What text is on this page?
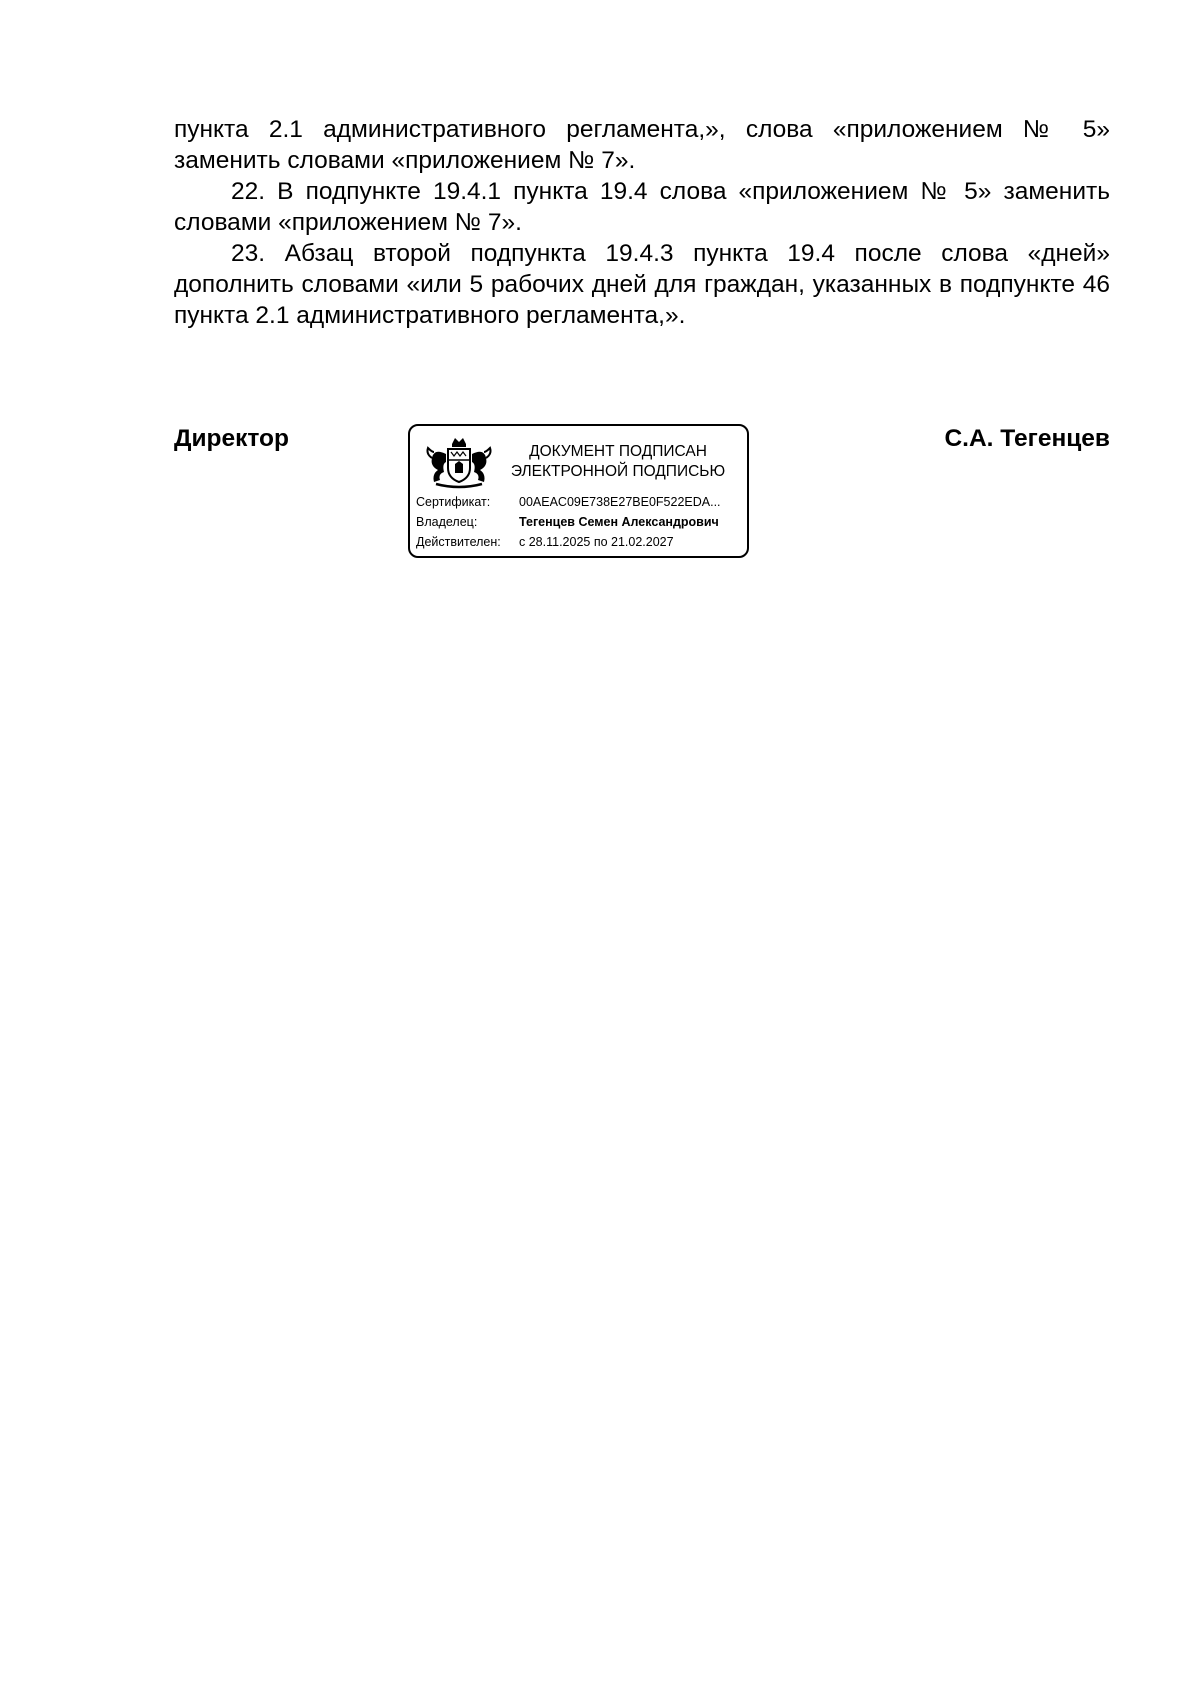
пункта 2.1 административного регламента,», слова «приложением № 5» заменить словами «приложением № 7».

22. В подпункте 19.4.1 пункта 19.4 слова «приложением № 5» заменить словами «приложением № 7».

23. Абзац второй подпункта 19.4.3 пункта 19.4 после слова «дней» дополнить словами «или 5 рабочих дней для граждан, указанных в подпункте 46 пункта 2.1 административного регламента,».

Директор	ДОКУМЕНТ ПОДПИСАН
ЭЛЕКТРОННОЙ ПОДПИСЬЮ
Сертификат: 00AEAC09E738E27BE0F522EDA...
Владелец:	Тегенцев Семен Александрович
Действителен: с 28.11.2025 по 21.02.2027
С.А. Тегенцев
